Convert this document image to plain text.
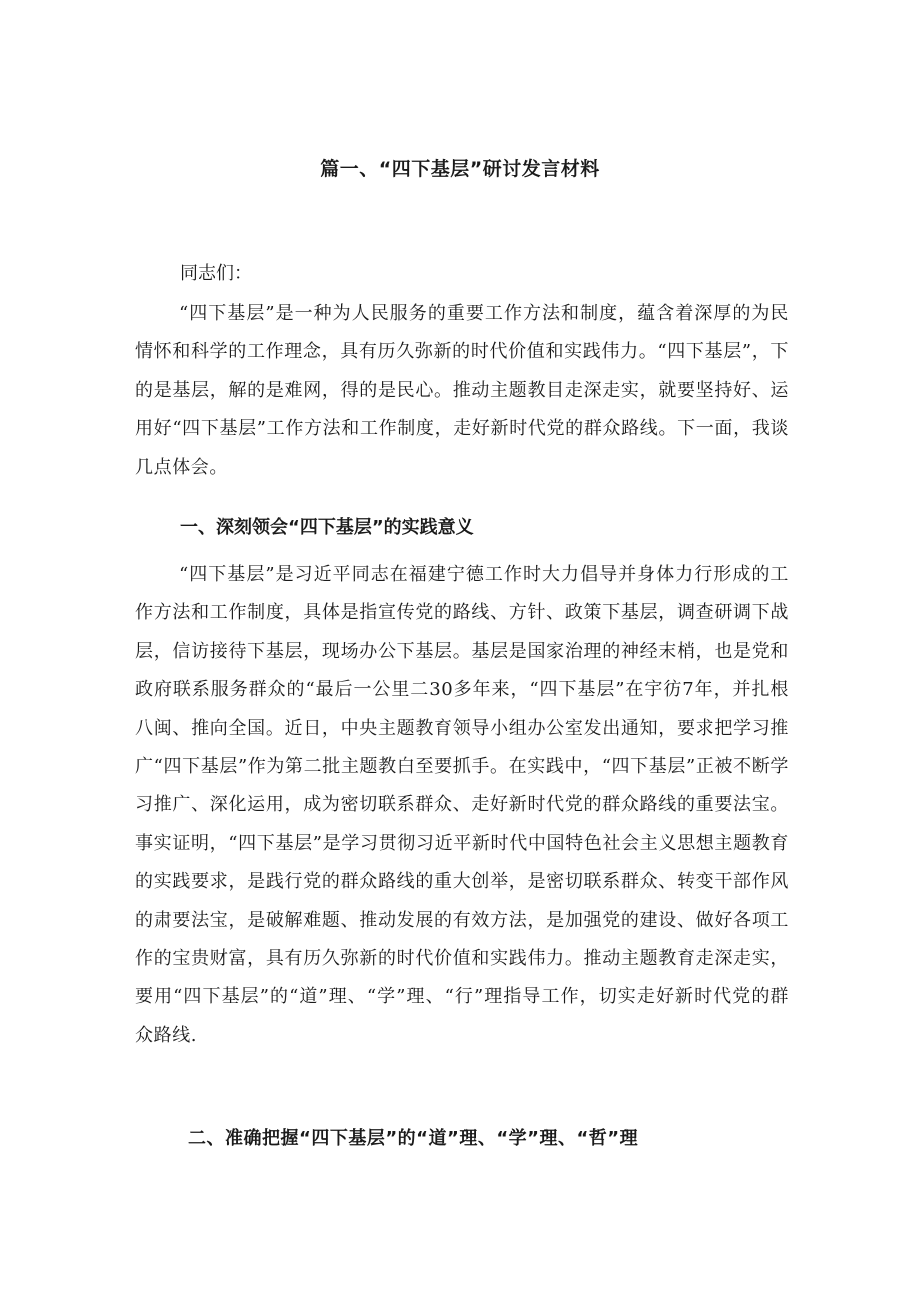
篇一、“四下基层”研讨发言材料
同志们：

“四下基层”是一种为人民服务的重要工作方法和制度，蕴含着深厚的为民情怀和科学的工作理念，具有历久弥新的时代价值和实践伟力。“四下基层”，下的是基层，解的是难网，得的是民心。推动主题教目走深走实，就要坚持好、运用好“四下基层”工作方法和工作制度，走好新时代党的群众路线。下一面，我谈几点体会。

一、深刻领会“四下基层”的实践意义

“四下基层”是习近平同志在福建宁德工作时大力倡导并身体力行形成的工作方法和工作制度，具体是指宣传党的路线、方针、政策下基层，调查研调下战层，信访接待下基层，现场办公下基层。基层是国家治理的神经末梢，也是党和政府联系服务群众的“最后一公里二30多年来，“四下基层”在宇彷7年，并扎根八闽、推向全国。近日，中央主题教育领导小组办公室发出通知，要求把学习推广“四下基层”作为第二批主题教白至要抓手。在实践中，“四下基层”正被不断学习推广、深化运用，成为密切联系群众、走好新时代党的群众路线的重要法宝。事实证明，“四下基层”是学习贯彻习近平新时代中国特色社会主义思想主题教育的实践要求，是践行党的群众路线的重大创举，是密切联系群众、转变干部作风的肃要法宝，是破解难题、推动发展的有效方法，是加强党的建设、做好各项工作的宝贵财富，具有历久弥新的时代价值和实践伟力。推动主题教育走深走实，要用“四下基层”的“道”理、“学”理、“行”理指导工作，切实走好新时代党的群众路线.

二、准确把握“四下基层”的“道”理、“学”理、“哲”理
